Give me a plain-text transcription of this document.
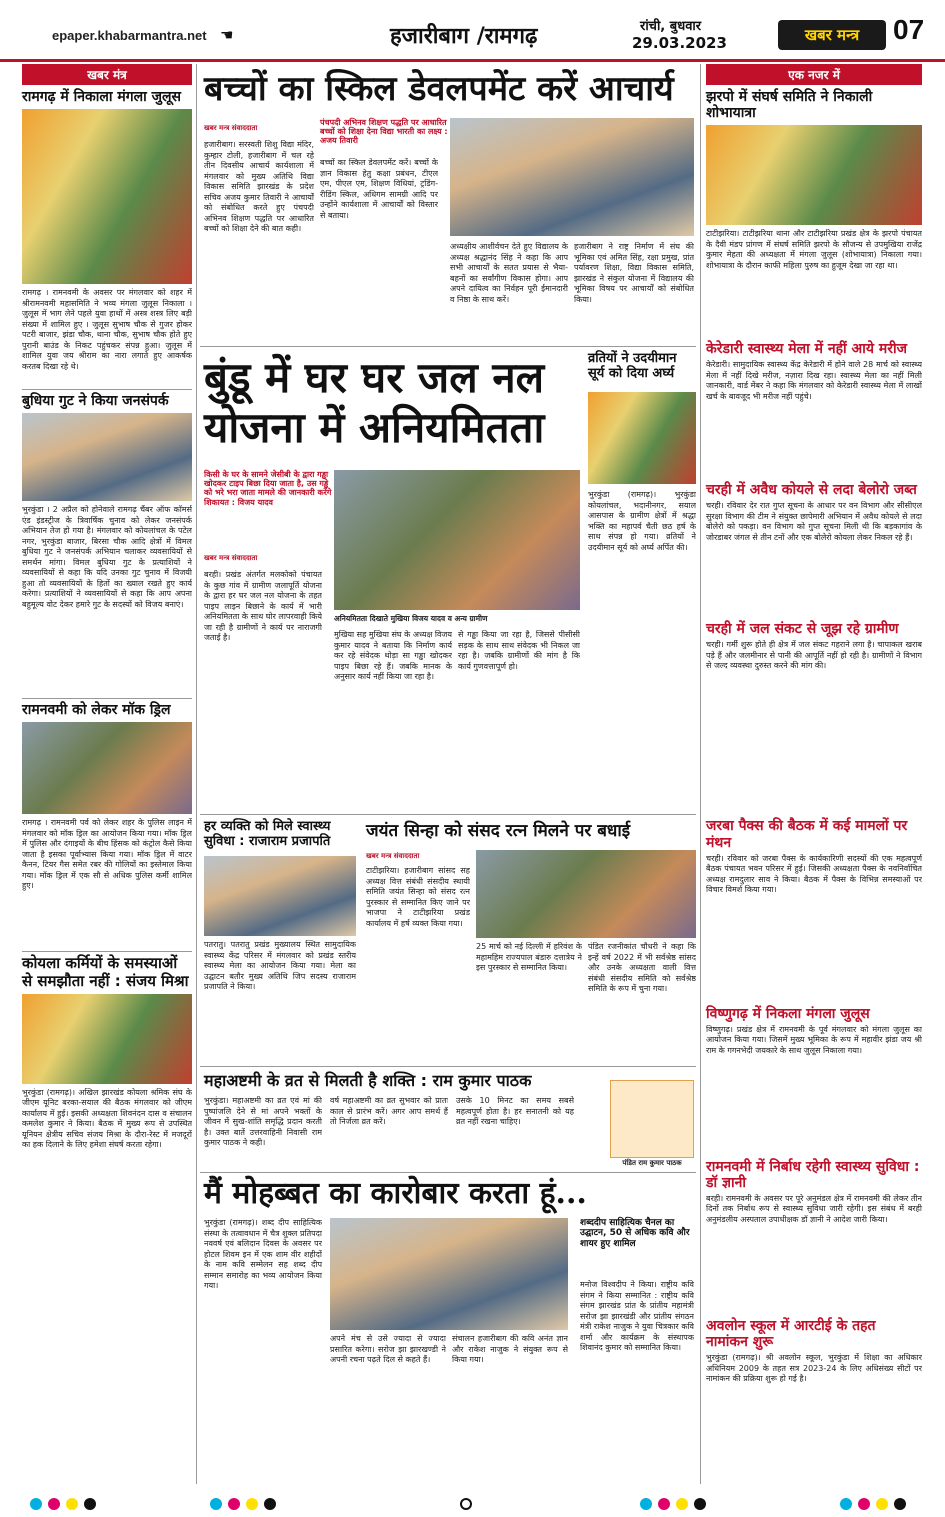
epaper.khabarmantra.net ☚	हजारीबाग /रामगढ़	रांची, बुधवार
29.03.2023	खबर मन्त्र	07
खबर मंत्र
रामगढ़ में निकाला मंगला जुलूस
रामगढ़ । रामनवमी के अवसर पर मंगलवार को शहर में श्रीरामनवमी महासमिति ने भव्य मंगला जुलूस निकाला । जुलूस में भाग लेने पहले युवा हाथों में अस्त्र शस्त्र लिए बड़ी संख्या में शामिल हुए । जुलूस सुभाष चौक से गुजर होकर पटरी बाजार, झंडा चौक, थाना चौक, सुभाष चौक होते हुए पुरानी बाउंड के निकट पहुंचकर संपन्न हुआ। जुलूस में शामिल युवा जय श्रीराम का नारा लगाते हुए आकर्षक करतब दिखा रहे थे।
बुधिया गुट ने किया जनसंपर्क
भुरकुंडा । 2 अप्रैल को होनेवाले रामगढ़ चैंबर ऑफ कॉमर्स एंड इंडस्ट्रीज के त्रिवार्षिक चुनाव को लेकर जनसंपर्क अभियान तेज हो गया है। मंगलवार को कोयलांचल के पटेल नगर, भुरकुंडा बाजार, बिरसा चौक आदि क्षेत्रों में विमल बुधिया गुट ने जनसंपर्क अभियान चलाकर व्यवसायियों से समर्थन मांगा। विमल बुधिया गुट के प्रत्याशियों ने व्यवसायियों से कहा कि यदि उनका गुट चुनाव में विजयी हुआ तो व्यवसायियों के हितों का ख्याल रखते हुए कार्य करेगा। प्रत्याशियों ने व्यवसायियों से कहा कि आप अपना बहुमूल्य वोट देकर हमारे गुट के सदस्यों को विजय बनाएं।
रामनवमी को लेकर मॉक ड्रिल
रामगढ़ । रामनवमी पर्व को लेकर शहर के पुलिस लाइन में मंगलवार को मॉक ड्रिल का आयोजन किया गया। मॉक ड्रिल में पुलिस और दंगाइयों के बीच हिंसक को कंट्रोल कैसे किया जाता है इसका पूर्वाभ्यास किया गया। मॉक ड्रिल में वाटर कैनन, टियर गैस समेत रबर की गोलियों का इस्तेमाल किया गया। मॉक ड्रिल में एक सौ से अधिक पुलिस कर्मी शामिल हुए।
कोयला कर्मियों के समस्याओं से समझौता नहीं : संजय मिश्रा
भुरकुंडा (रामगढ़)। अखिल झारखंड कोयला श्रमिक संघ के जीएम यूनिट बरका-सयाल की बैठक मंगलवार को जीएम कार्यालय में हुई। इसकी अध्यक्षता शिवनंदन दास व संचालन कमलेश कुमार ने किया। बैठक में मुख्य रूप से उपस्थित यूनियन क्षेत्रीय सचिव संजय मिश्रा के दौरा-रेस्ट में मजदूरों का हक दिलाने के लिए हमेशा संघर्ष करता रहेगा।
बच्चों का स्किल डेवलपमेंट करें आचार्य
खबर मन्त्र संवाददाता
हजारीबाग। सरस्वती शिशु विद्या मंदिर, कुम्हार टोली, हजारीबाग में चल रहे तीन दिवसीय आचार्य कार्यशाला में मंगलवार को मुख्य अतिथि विद्या विकास समिति झारखंड के प्रदेश सचिव अजय कुमार तिवारी ने आचार्यों को संबोधित करते हुए पंचपदी अभिनव शिक्षण पद्धति पर आधारित बच्चों को शिक्षा देने की बात कही।
पंचपदी अभिनव शिक्षण पद्धति पर आधारित बच्चों को शिक्षा देना विद्या भारती का लक्ष्य : अजय तिवारी
बच्चों का स्किल डेवलपमेंट करें। बच्चों के ज्ञान विकास हेतु कक्षा प्रबंधन, टीएल एम, पीएल एम, शिक्षण विधियां, ट्रडिंग- रीडिंग स्किल, अधिगम सामग्री आदि पर उन्होंने कार्यशाला में आचार्यों को विस्तार से बताया।
अध्यक्षीय आशीर्वचन देते हुए विद्यालय के अध्यक्ष श्रद्धानंद सिंह ने कहा कि आप सभी आचार्यों के सतत प्रयास से भैया-बहनों का सर्वांगीण विकास होगा। आप अपने दायित्व का निर्वहन पूरी ईमानदारी व निष्ठा के साथ करें।
हजारीबाग ने राष्ट्र निर्माण में संघ की भूमिका एवं अमित सिंह, रक्षा प्रमुख, प्रांत पर्यावरण शिक्षा, विद्या विकास समिति, झारखंड ने संकुल योजना में विद्यालय की भूमिका विषय पर आचार्यों को संबोधित किया।
बुंडू में घर घर जल नल
योजना में अनियमितता
किसी के घर के सामने जेसीबी के द्वारा गड्ढा खोदकर टाइप बिछा दिया जाता है, उस गड्ढे को भरे भरा जाता मामले की जानकारी करेंगे शिकायत : विजय यादव
खबर मन्त्र संवाददाता
बरही। प्रखंड अंतर्गत मलकोको पंचायत के कुछ गांव में ग्रामीण जलापूर्ति योजना के द्वारा हर घर जल नल योजना के तहत पाइप लाइन बिछाने के कार्य में भारी अनियमितता के साथ घोर लापरवाही किये जा रही है ग्रामीणों ने कार्य पर नाराजगी जताई है।
अनियमितता दिखाते मुखिया विजय यादव व अन्य ग्रामीण
मुखिया सह मुखिया संघ के अध्यक्ष विजय कुमार यादव ने बताया कि निर्माण कार्य कर रहे संवेदक थोड़ा सा गड्ढा खोदकर पाइप बिछा रहे हैं। जबकि मानक के अनुसार कार्य नहीं किया जा रहा है।
से गड्ढा किया जा रहा है, जिससे पीसीसी सड़क के साथ साथ संवेदक भी निकल जा रहा है। जबकि ग्रामीणों की मांग है कि कार्य गुणवत्तापूर्ण हो।
व्रतियों ने उदयीमान सूर्य को दिया अर्घ्य
भुरकुंडा (रामगढ़)। भुरकुंडा कोयलांचल, भदानीनगर, सयाल आसपास के ग्रामीण क्षेत्रों में श्रद्धा भक्ति का महापर्व चैती छठ हर्ष के साथ संपन्न हो गया। व्रतियों ने उदयीमान सूर्य को अर्घ्य अर्पित की।
हर व्यक्ति को मिले स्वास्थ्य सुविधा : राजाराम प्रजापति
पतरातु। पतरातु प्रखंड मुख्यालय स्थित सामुदायिक स्वास्थ्य केंद्र परिसर में मंगलवार को प्रखंड स्तरीय स्वास्थ्य मेला का आयोजन किया गया। मेला का उद्घाटन बतौर मुख्य अतिथि जिप सदस्य राजाराम प्रजापति ने किया।
जयंत सिन्हा को संसद रत्न मिलने पर बधाई
खबर मन्त्र संवाददाता
टाटीझरिया। हजारीबाग सांसद सह अध्यक्ष वित्त संबंधी संसदीय स्थायी समिति जयंत सिन्हा को संसद रत्न पुरस्कार से सम्मानित किए जाने पर भाजपा ने टाटीझरिया प्रखंड कार्यालय में हर्ष व्यक्त किया गया।
25 मार्च को नई दिल्ली में हरिवंश के महामहिम राज्यपाल बंडारु दत्तात्रेय ने इस पुरस्कार से सम्मानित किया।
पंडित रजनीकांत चौधरी ने कहा कि इन्हें वर्ष 2022 में भी सर्वश्रेष्ठ सांसद और उनके अध्यक्षता वाली वित्त संबंधी संसदीय समिति को सर्वश्रेष्ठ समिति के रूप में चुना गया।
महाअष्टमी के व्रत से मिलती है शक्ति : राम कुमार पाठक
भुरकुंडा। महाअष्टमी का व्रत एवं मां की पुष्पांजलि देने से मां अपने भक्तों के जीवन में सुख-शांति समृद्धि प्रदान करती है। उक्त बातें उत्तरवाहिनी निवासी राम कुमार पाठक ने कही।
वर्ष महाअष्टमी का व्रत सुभवार को प्रातः काल से प्रारंभ करें। अगर आप समर्थ हैं तो निर्जला व्रत करें।
उसके 10 मिनट का समय सबसे महत्वपूर्ण होता है। हर सनातनी को यह व्रत नहीं रखना चाहिए।
पंडित राम कुमार पाठक
मैं मोहब्बत का कारोबार करता हूं...
भुरकुंडा (रामगढ़)। शब्द दीप साहित्यिक संस्था के तत्वावधान में चैत्र शुक्ल प्रतिपदा नववर्ष एवं बलिदान दिवस के अवसर पर होटल शिवम इन में एक शाम वीर शहीदों के नाम कवि सम्मेलन सह शब्द दीप सम्मान समारोह का भव्य आयोजन किया गया।
अपने मंच से उसे ज्यादा से ज्यादा प्रसारित करेगा। सरोज झा झारखण्डी ने अपनी रचना पढ़ते दिल से कहते हैं।
संचालन हजारीबाग की कवि अनंत ज्ञान और राकेश नाजुक ने संयुक्त रूप से किया गया।
शब्ददीप साहित्यिक चैनल का उद्घाटन, 50 से अधिक कवि और शायर हुए शामिल
मनोज विश्वदीप ने किया। राष्ट्रीय कवि संगम ने किया सम्मानित : राष्ट्रीय कवि संगम झारखंड प्रांत के प्रांतीय महामंत्री सरोज झा झारखंडी और प्रांतीय संगठन मंत्री राकेश नाजुक ने युवा चित्रकार कवि शर्मा और कार्यक्रम के संस्थापक शिवानंद कुमार को सम्मानित किया।
एक नजर में
झरपो में संघर्ष समिति ने निकाली शोभायात्रा
टाटीझरिया। टाटीझरिया थाना और टाटीझरिया प्रखंड क्षेत्र के झरपो पंचायत के दैवी मंडप प्रांगण में संघर्ष समिति झरपो के सौजन्य से उपमुखिया राजेंद्र कुमार मेहता की अध्यक्षता में मंगला जुलूस (शोभायात्रा) निकाला गया। शोभायात्रा के दौरान काफी महिला पुरुष का हुजूम देखा जा रहा था।
केरेडारी स्वास्थ्य मेला में नहीं आये मरीज
केरेडारी। सामुदायिक स्वास्थ्य केंद्र केरेडारी में होने वाले 28 मार्च को स्वास्थ्य मेला में नहीं दिखे मरीज, नज़ारा दिख रहा। स्वास्थ्य मेला का नहीं मिली जानकारी, वार्ड मेंबर ने कहा कि मंगलवार को केरेडारी स्वास्थ्य मेला में लाखों खर्च के बावजूद भी मरीज नहीं पहुंचे।
चरही में अवैध कोयले से लदा बेलोरो जब्त
चरही। रविवार देर रात गुप्त सूचना के आधार पर वन विभाग और सीसीएल सुरक्षा विभाग की टीम ने संयुक्त छापेमारी अभियान में अवैध कोयले से लदा बोलेरो को पकड़ा। वन विभाग को गुप्त सूचना मिली थी कि बड़कागांव के जोरडाबर जंगल से तीन टनों और एक बोलेरो कोयला लेकर निकल रहे हैं।
चरही में जल संकट से जूझ रहे ग्रामीण
चरही। गर्मी शुरू होते ही क्षेत्र में जल संकट गहराने लगा है। चापाकल खराब पड़े हैं और जलमीनार से पानी की आपूर्ति नहीं हो रही है। ग्रामीणों ने विभाग से जल्द व्यवस्था दुरुस्त करने की मांग की।
जरबा पैक्स की बैठक में कई मामलों पर मंथन
चरही। रविवार को जरबा पैक्स के कार्यकारिणी सदस्यों की एक महत्वपूर्ण बैठक पंचायत भवन परिसर में हुई। जिसकी अध्यक्षता पैक्स के नवनिर्वाचित अध्यक्ष रामदुलार साव ने किया। बैठक में पैक्स के विभिन्न समस्याओं पर विचार विमर्श किया गया।
विष्णुगढ़ में निकला मंगला जुलूस
विष्णुगढ़। प्रखंड क्षेत्र में रामनवमी के पूर्व मंगलवार को मंगला जुलूस का आयोजन किया गया। जिसमें मुख्य भूमिका के रूप में महावीर झंडा जय श्री राम के गगनभेदी जयकारे के साथ जुलूस निकाला गया।
रामनवमी में निर्बाध रहेगी स्वास्थ्य सुविधा : डॉ ज्ञानी
बरही। रामनवमी के अवसर पर पूरे अनुमंडल क्षेत्र में रामनवमी की लेकर तीन दिनों तक निर्बाध रूप से स्वास्थ्य सुविधा जारी रहेगी। इस संबंध में बरही अनुमंडलीय अस्पताल उपाधीक्षक डॉ ज्ञानी ने आदेश जारी किया।
अवलोन स्कूल में आरटीई के तहत नामांकन शुरू
भुरकुंडा (रामगढ़)। श्री अवलोन स्कूल, भुरकुंडा में शिक्षा का अधिकार अधिनियम 2009 के तहत सत्र 2023-24 के लिए अधिसंख्य सीटों पर नामांकन की प्रक्रिया शुरू हो गई है।
